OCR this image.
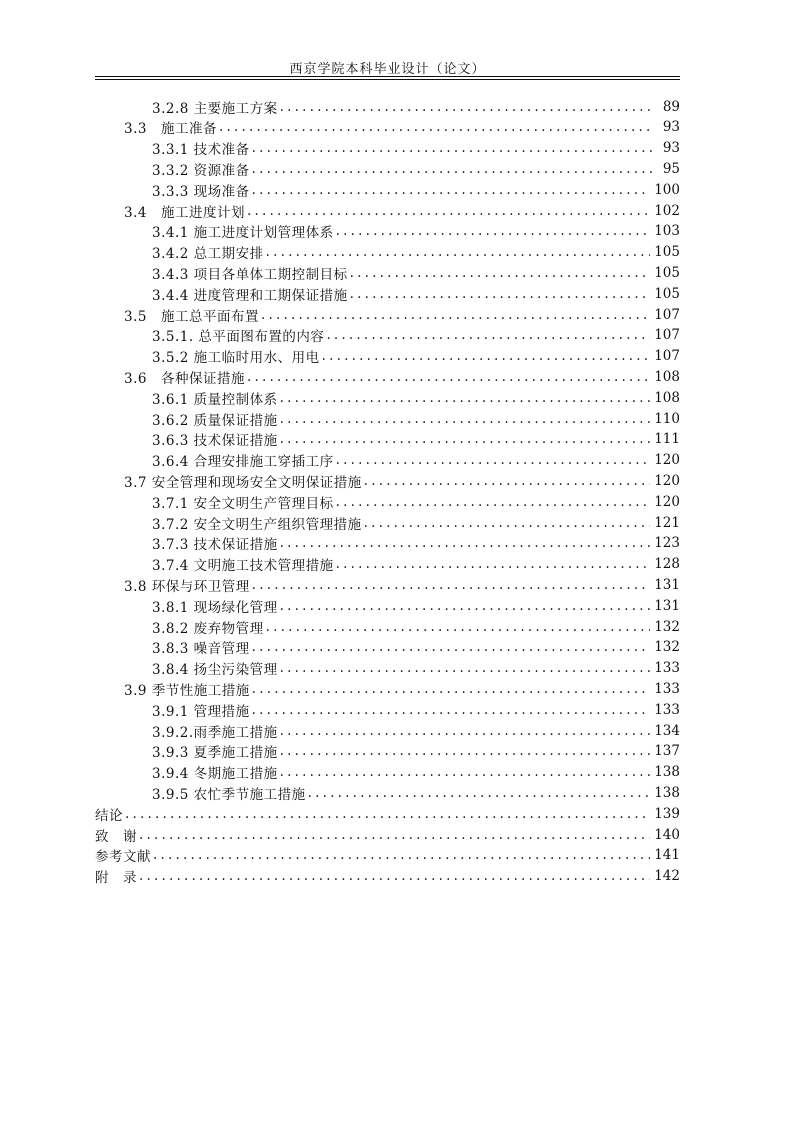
西京学院本科毕业设计（论文）
3.2.8 主要施工方案 .....	89
3.3　施工准备 .....	93
3.3.1 技术准备 .....	93
3.3.2 资源准备 .....	95
3.3.3 现场准备 .....	100
3.4　施工进度计划 .....	102
3.4.1 施工进度计划管理体系 .....	103
3.4.2 总工期安排 .....	105
3.4.3 项目各单体工期控制目标 .....	105
3.4.4 进度管理和工期保证措施 .....	105
3.5　施工总平面布置 .....	107
3.5.1. 总平面图布置的内容 .....	107
3.5.2 施工临时用水、用电 .....	107
3.6　各种保证措施 .....	108
3.6.1 质量控制体系 .....	108
3.6.2 质量保证措施 .....	110
3.6.3 技术保证措施 .....	111
3.6.4 合理安排施工穿插工序 .....	120
3.7 安全管理和现场安全文明保证措施 .....	120
3.7.1 安全文明生产管理目标 .....	120
3.7.2 安全文明生产组织管理措施 .....	121
3.7.3 技术保证措施 .....	123
3.7.4 文明施工技术管理措施 .....	128
3.8 环保与环卫管理 .....	131
3.8.1 现场绿化管理 .....	131
3.8.2 废弃物管理 .....	132
3.8.3 噪音管理 .....	132
3.8.4 扬尘污染管理 .....	133
3.9 季节性施工措施 .....	133
3.9.1 管理措施 .....	133
3.9.2.雨季施工措施 .....	134
3.9.3 夏季施工措施 .....	137
3.9.4 冬期施工措施 .....	138
3.9.5 农忙季节施工措施 .....	138
结论 .....	139
致　谢 .....	140
参考文献 .....	141
附　录 .....	142
